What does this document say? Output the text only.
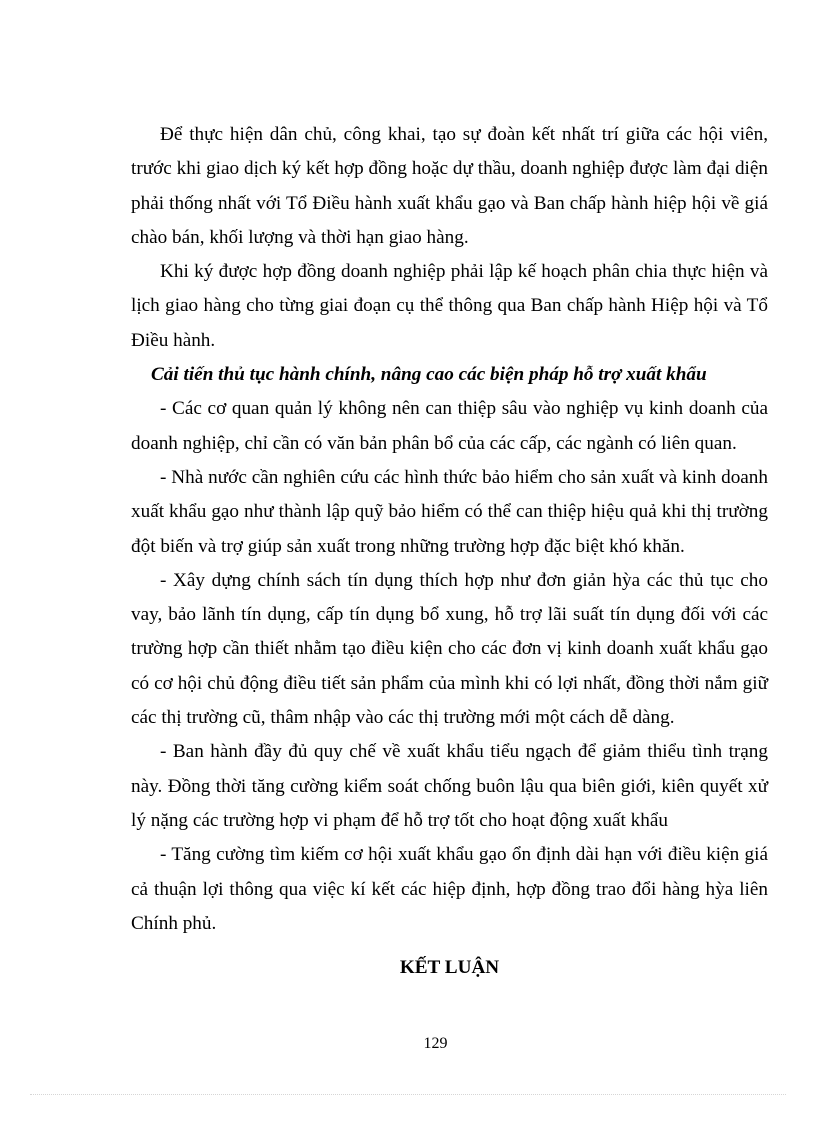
Để thực hiện dân chủ, công khai, tạo sự đoàn kết nhất trí giữa các hội viên, trước khi giao dịch ký kết hợp đồng hoặc dự thầu, doanh nghiệp được làm đại diện phải thống nhất với Tổ Điều hành xuất khẩu gạo và Ban chấp hành hiệp hội về giá chào bán, khối lượng và thời hạn giao hàng.

Khi ký được hợp đồng doanh nghiệp phải lập kế hoạch phân chia thực hiện và lịch giao hàng cho từng giai đoạn cụ thể thông qua Ban chấp hành Hiệp hội và Tổ Điều hành.

Cải tiến thủ tục hành chính, nâng cao các biện pháp hỗ trợ xuất khẩu

- Các cơ quan quản lý không nên can thiệp sâu vào nghiệp vụ kinh doanh của doanh nghiệp, chỉ cần có văn bản phân bổ của các cấp, các ngành có liên quan.

- Nhà nước cần nghiên cứu các hình thức bảo hiểm cho sản xuất và kinh doanh xuất khẩu gạo như thành lập quỹ bảo hiểm có thể can thiệp hiệu quả khi thị trường đột biến và trợ giúp sản xuất trong những trường hợp đặc biệt khó khăn.

- Xây dựng chính sách tín dụng thích hợp như đơn giản hỳa các thủ tục cho vay, bảo lãnh tín dụng, cấp tín dụng bổ xung, hỗ trợ lãi suất tín dụng đối với các trường hợp cần thiết nhằm tạo điều kiện cho các đơn vị kinh doanh xuất khẩu gạo có cơ hội chủ động điều tiết sản phẩm của mình khi có lợi nhất, đồng thời nắm giữ các thị trường cũ, thâm nhập vào các thị trường mới một cách dễ dàng.

- Ban hành đầy đủ quy chế về xuất khẩu tiểu ngạch để giảm thiểu tình trạng này. Đồng thời tăng cường kiểm soát chống buôn lậu qua biên giới, kiên quyết xử lý nặng các trường hợp vi phạm để hỗ trợ tốt cho hoạt động xuất khẩu

- Tăng cường tìm kiếm cơ hội xuất khẩu gạo ổn định dài hạn với điều kiện giá cả thuận lợi thông qua việc kí kết các hiệp định, hợp đồng trao đổi hàng hỳa liên Chính phủ.

KẾT LUẬN

129
